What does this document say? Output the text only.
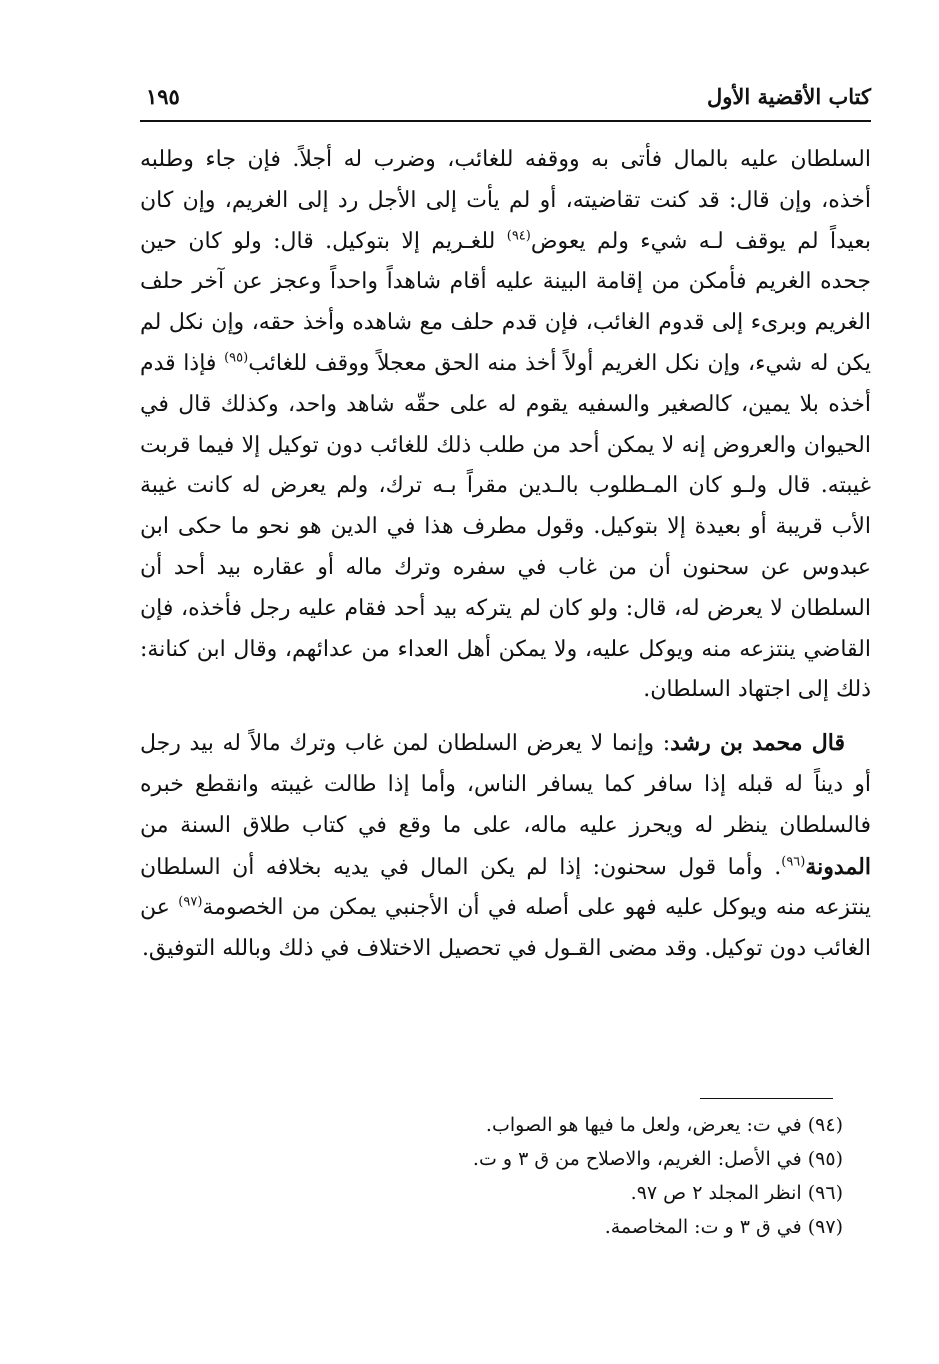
كتاب الأقضية الأول
١٩٥

السلطان عليه بالمال فأتى به ووقفه للغائب، وضرب له أجلاً. فإن جاء وطلبه أخذه، وإن قال: قد كنت تقاضيته، أو لم يأت إلى الأجل رد إلى الغريم، وإن كان بعيداً لم يوقف لـه شيء ولم يعوض$^{(٩٤)}$ للغـريم إلا بتوكيل. قال: ولو كان حين جحده الغريم فأمكن من إقامة البينة عليه أقام شاهداً واحداً وعجز عن آخر حلف الغريم وبرىء إلى قدوم الغائب، فإن قدم حلف مع شاهده وأخذ حقه، وإن نكل لم يكن له شيء، وإن نكل الغريم أولاً أخذ منه الحق معجلاً ووقف للغائب$^{(٩٥)}$ فإذا قدم أخذه بلا يمين، كالصغير والسفيه يقوم له على حقّه شاهد واحد، وكذلك قال في الحيوان والعروض إنه لا يمكن أحد من طلب ذلك للغائب دون توكيل إلا فيما قربت غيبته. قال ولـو كان المـطلوب بالـدين مقراً بـه ترك، ولم يعرض له كانت غيبة الأب قريبة أو بعيدة إلا بتوكيل. وقول مطرف هذا في الدين هو نحو ما حكى ابن عبدوس عن سحنون أن من غاب في سفره وترك ماله أو عقاره بيد أحد أن السلطان لا يعرض له، قال: ولو كان لم يتركه بيد أحد فقام عليه رجل فأخذه، فإن القاضي ينتزعه منه ويوكل عليه، ولا يمكن أهل العداء من عدائهم، وقال ابن كنانة: ذلك إلى اجتهاد السلطان.

قال محمد بن رشد: وإنما لا يعرض السلطان لمن غاب وترك مالاً له بيد رجل أو ديناً له قبله إذا سافر كما يسافر الناس، وأما إذا طالت غيبته وانقطع خبره فالسلطان ينظر له ويحرز عليه ماله، على ما وقع في كتاب طلاق السنة من المدونة$^{(٩٦)}$. وأما قول سحنون: إذا لم يكن المال في يديه بخلافه أن السلطان ينتزعه منه ويوكل عليه فهو على أصله في أن الأجنبي يمكن من الخصومة$^{(٩٧)}$ عن الغائب دون توكيل. وقد مضى القـول في تحصيل الاختلاف في ذلك وبالله التوفيق.

(٩٤) في ت: يعرض، ولعل ما فيها هو الصواب.
(٩٥) في الأصل: الغريم، والاصلاح من ق ٣ و ت.
(٩٦) انظر المجلد ٢ ص ٩٧.
(٩٧) في ق ٣ و ت: المخاصمة.
